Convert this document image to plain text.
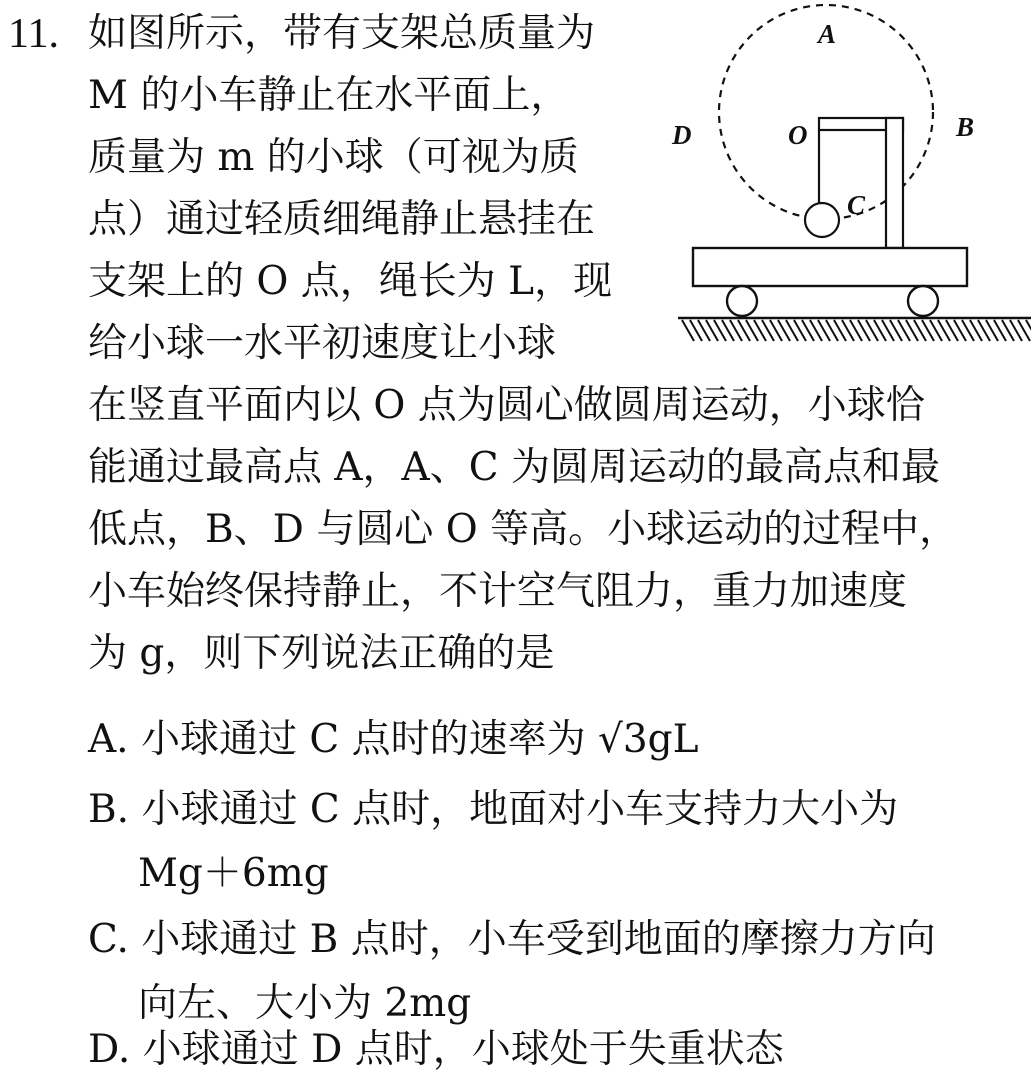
11. 如图所示，带有支架总质量为
M 的小车静止在水平面上，
质量为 m 的小球（可视为质
点）通过轻质细绳静止悬挂在
支架上的 O 点，绳长为 L，现
给小球一水平初速度让小球
在竖直平面内以 O 点为圆心做圆周运动，小球恰
能通过最高点 A，A、C 为圆周运动的最高点和最
低点，B、D 与圆心 O 等高。小球运动的过程中，
小车始终保持静止，不计空气阻力，重力加速度
为 g，则下列说法正确的是
A. 小球通过 C 点时的速率为 √3gL
B. 小球通过 C 点时，地面对小车支持力大小为
Mg＋6mg
C. 小球通过 B 点时，小车受到地面的摩擦力方向
向左、大小为 2mg
D. 小球通过 D 点时，小球处于失重状态
A
B
C
D	O
